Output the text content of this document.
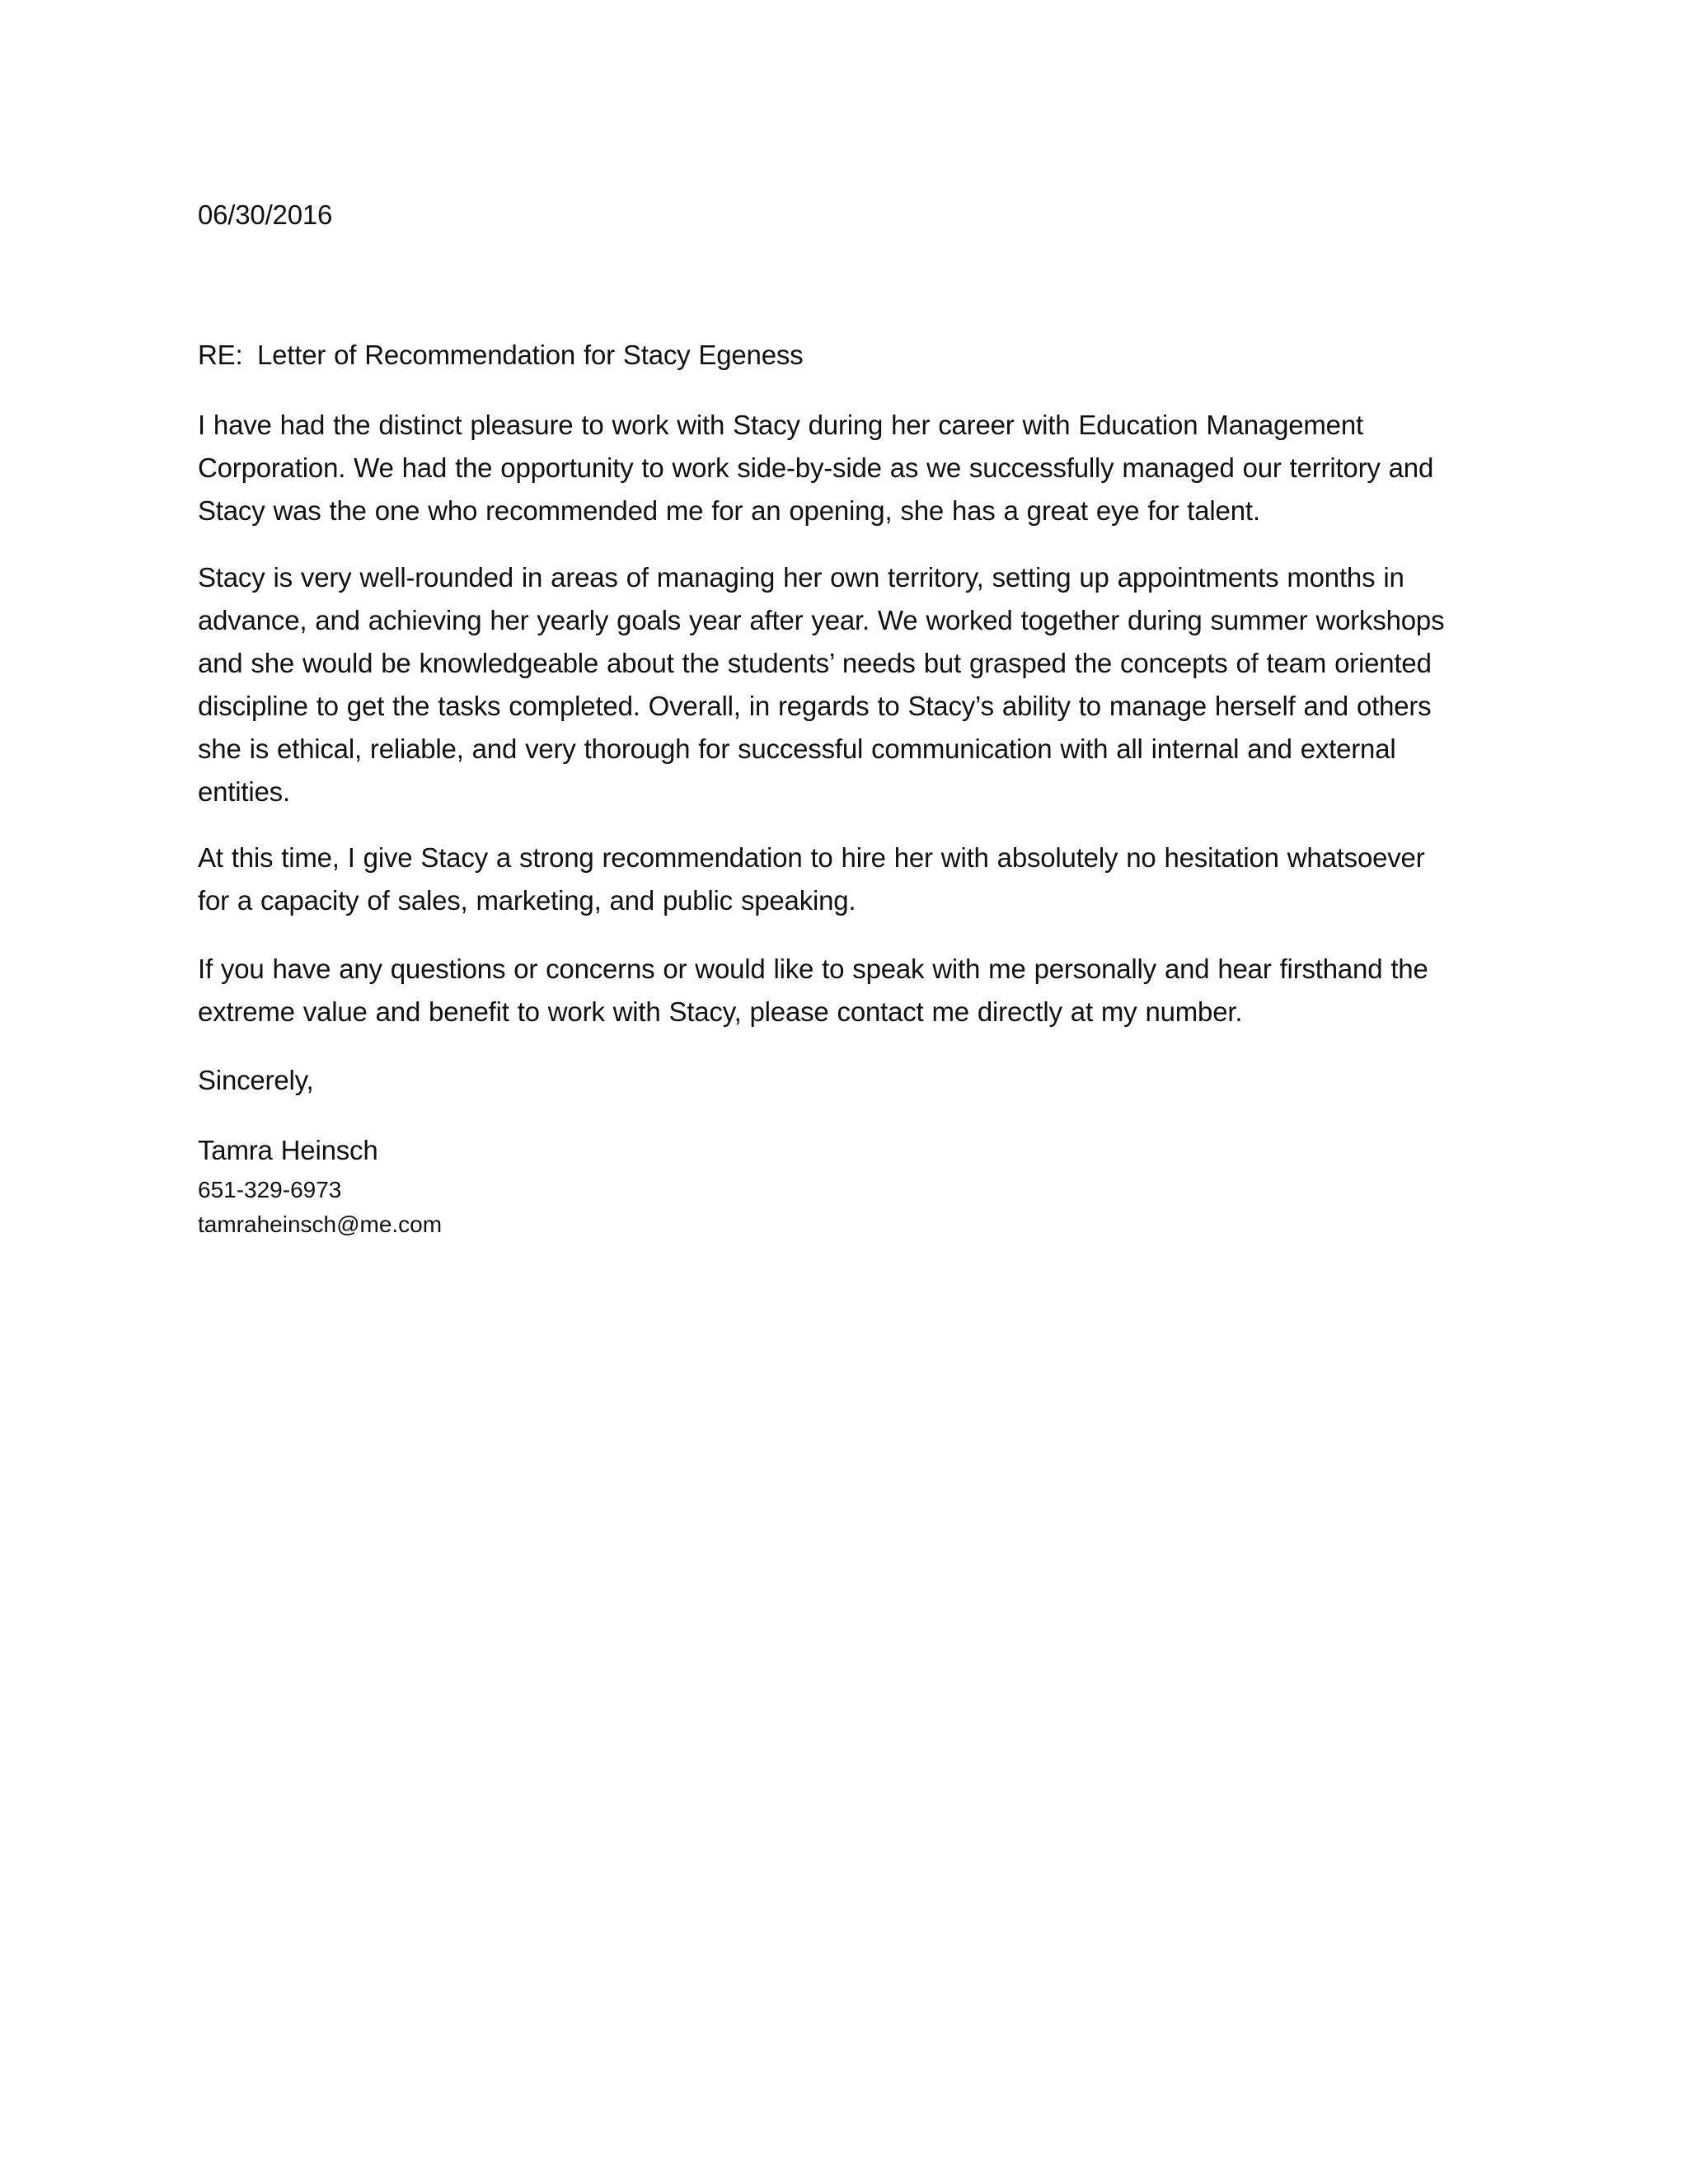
06/30/2016
RE: Letter of Recommendation for Stacy Egeness
I have had the distinct pleasure to work with Stacy during her career with Education Management
Corporation. We had the opportunity to work side-by-side as we successfully managed our territory and
Stacy was the one who recommended me for an opening, she has a great eye for talent.
Stacy is very well-rounded in areas of managing her own territory, setting up appointments months in
advance, and achieving her yearly goals year after year. We worked together during summer workshops
and she would be knowledgeable about the students’ needs but grasped the concepts of team oriented
discipline to get the tasks completed. Overall, in regards to Stacy’s ability to manage herself and others
she is ethical, reliable, and very thorough for successful communication with all internal and external
entities.
At this time, I give Stacy a strong recommendation to hire her with absolutely no hesitation whatsoever
for a capacity of sales, marketing, and public speaking.
If you have any questions or concerns or would like to speak with me personally and hear firsthand the
extreme value and benefit to work with Stacy, please contact me directly at my number.
Sincerely,
Tamra Heinsch
651-329-6973
tamraheinsch@me.com
